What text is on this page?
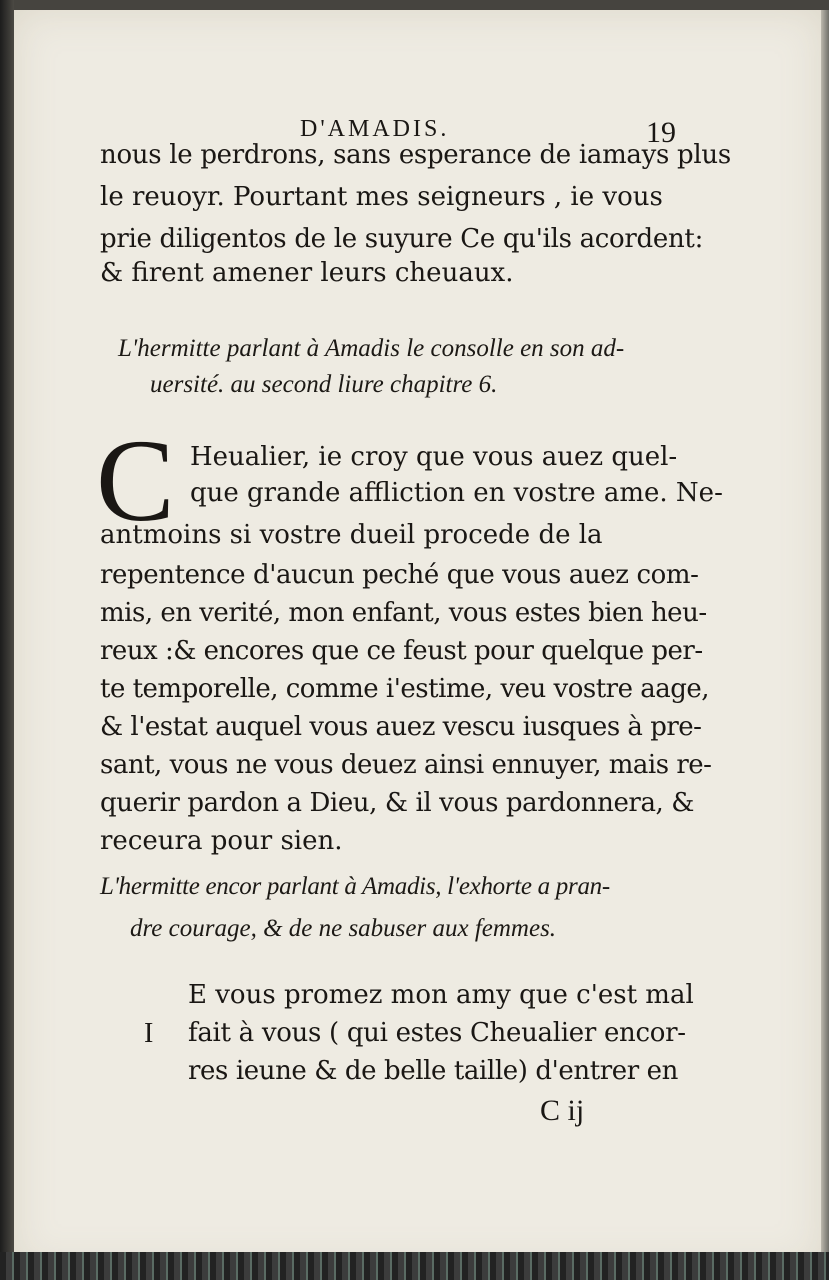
D'AMADIS.	19
nous le perdrons, sans esperance de iamays plus
le reuoyr. Pourtant mes seigneurs , ie vous
prie diligentos de le suyure Ce qu'ils acordent:
& firent amener leurs cheuaux.
L'hermitte parlant à Amadis le consolle en son ad-
uersité. au second liure chapitre 6.
C Heualier, ie croy que vous auez quel-
que grande affliction en vostre ame. Ne-
antmoins si vostre dueil procede de la
repentence d'aucun peché que vous auez com-
mis, en verité, mon enfant, vous estes bien heu-
reux :& encores que ce feust pour quelque per-
te temporelle, comme i'estime, veu vostre aage,
& l'estat auquel vous auez vescu iusques à pre-
sant, vous ne vous deuez ainsi ennuyer, mais re-
querir pardon a Dieu, & il vous pardonnera, &
receura pour sien.
L'hermitte encor parlant à Amadis, l'exhorte a pran-
dre courage, & de ne sabuser aux femmes.
I
E vous promez mon amy que c'est mal
fait à vous ( qui estes Cheualier encor-
res ieune & de belle taille) d'entrer en
C ij
